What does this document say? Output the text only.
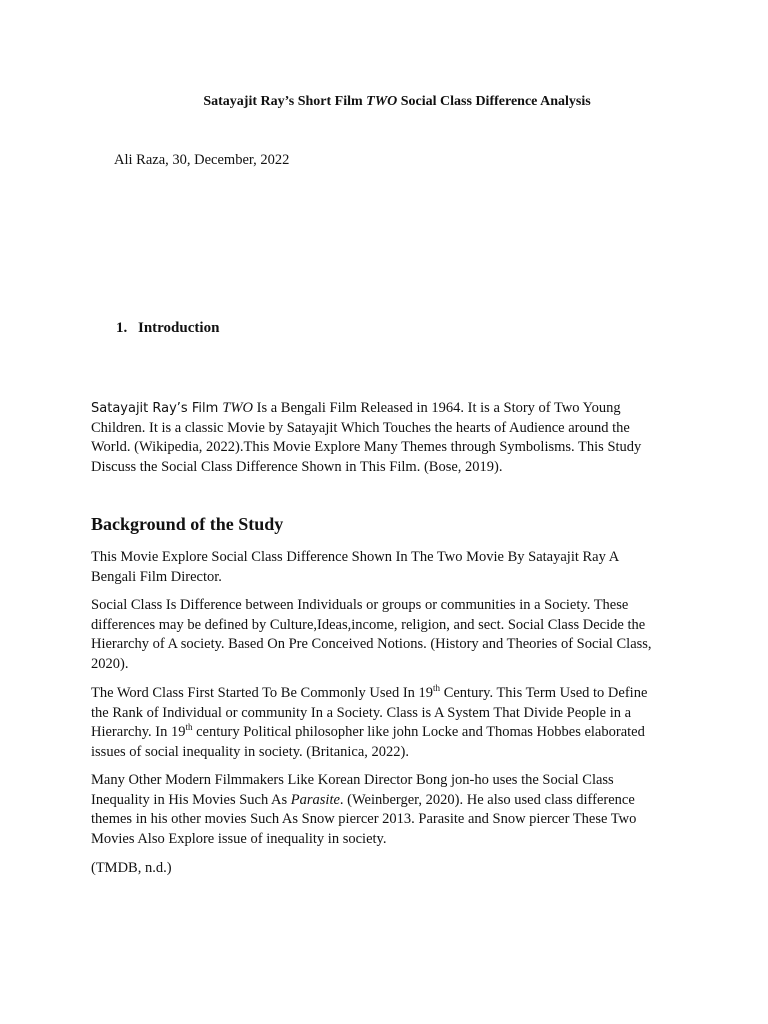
Satayajit Ray’s Short Film TWO Social Class Difference Analysis
Ali Raza, 30, December, 2022
1. Introduction

Satayajit Ray’s Film TWO Is a Bengali Film Released in 1964. It is a Story of Two Young
Children. It is a classic Movie by Satayajit Which Touches the hearts of Audience around the
World. (Wikipedia, 2022).This Movie Explore Many Themes through Symbolisms. This Study
Discuss the Social Class Difference Shown in This Film. (Bose, 2019).

Background of the Study

This Movie Explore Social Class Difference Shown In The Two Movie By Satayajit Ray A
Bengali Film Director.

Social Class Is Difference between Individuals or groups or communities in a Society. These
differences may be defined by Culture,Ideas,income, religion, and sect. Social Class Decide the
Hierarchy of A society. Based On Pre Conceived Notions. (History and Theories of Social Class,
2020).

The Word Class First Started To Be Commonly Used In 19th Century. This Term Used to Define
the Rank of Individual or community In a Society. Class is A System That Divide People in a
Hierarchy. In 19th century Political philosopher like john Locke and Thomas Hobbes elaborated
issues of social inequality in society. (Britanica, 2022).

Many Other Modern Filmmakers Like Korean Director Bong jon-ho uses the Social Class
Inequality in His Movies Such As Parasite. (Weinberger, 2020). He also used class difference
themes in his other movies Such As Snow piercer 2013. Parasite and Snow piercer These Two
Movies Also Explore issue of inequality in society.

(TMDB, n.d.)
